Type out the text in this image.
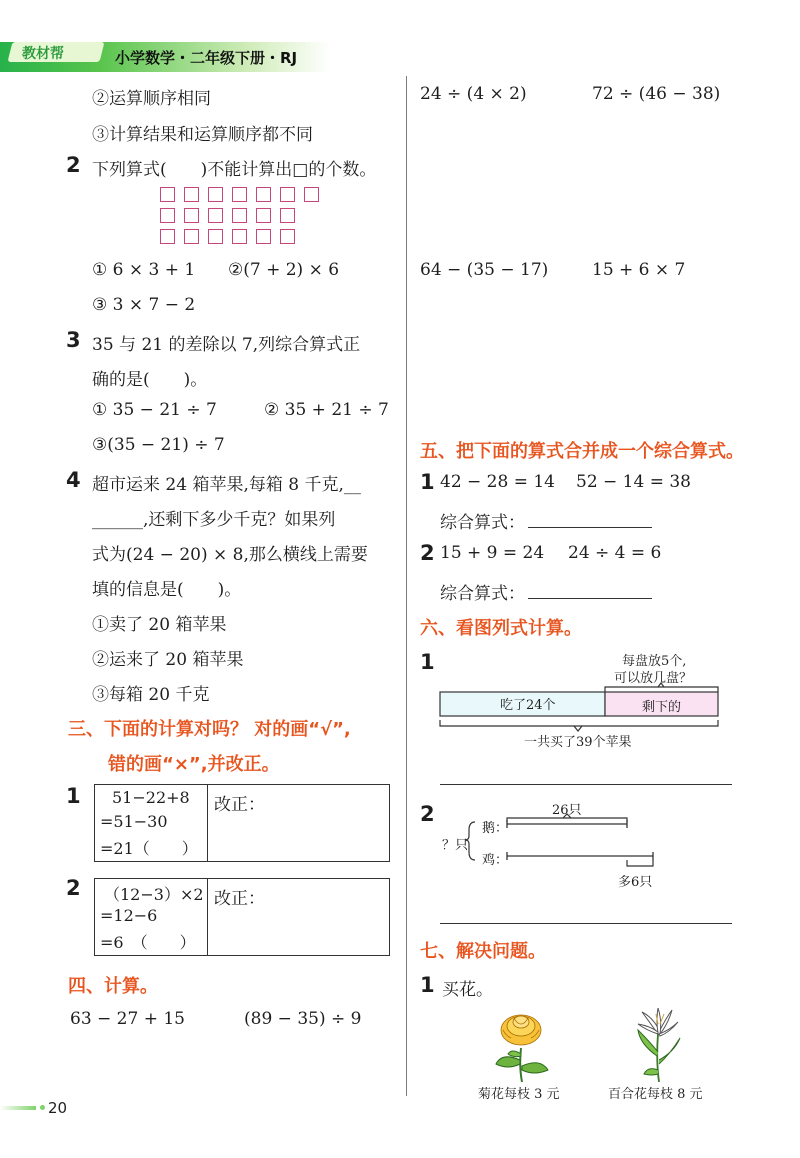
教材帮	小学数学・二年级下册・RJ
②运算顺序相同
③计算结果和运算顺序都不同
2 下列算式(　　)不能计算出□的个数。
① 6 × 3 + 1 ②(7 + 2) × 6
③ 3 × 7 − 2
3 35 与 21 的差除以 7,列综合算式正
确的是(　　)。
① 35 − 21 ÷ 7	② 35 + 21 ÷ 7
③(35 − 21) ÷ 7
4 超市运来 24 箱苹果,每箱 8 千克,__
______,还剩下多少千克？如果列
式为(24 − 20) × 8,那么横线上需要
填的信息是(　　)。
①卖了 20 箱苹果
②运来了 20 箱苹果
③每箱 20 千克
三、下面的计算对吗？ 对的画“√”,
错的画“×”,并改正。
1 51−22+8
=51−30
=21（　　）
改正：
2 （12−3）×2
=12−6
=6　（　　）
改正：
四、计算。
63 − 27 + 15	(89 − 35) ÷ 9
20
24 ÷ (4 × 2)	72 ÷ (46 − 38)
64 − (35 − 17)	15 + 6 × 7
五、把下面的算式合并成一个综合算式。
1 42 − 28 = 14 52 − 14 = 38
综合算式：
2 15 + 9 = 24 24 ÷ 4 = 6
综合算式：
六、看图列式计算。
1	每盘放5个,
可以放几盘？
吃了24个	剩下的
一共买了39个苹果
2	26只
鹅：
鸡：
？只
多6只
七、解决问题。
1 买花。
菊花每枝 3 元	百合花每枝 8 元
